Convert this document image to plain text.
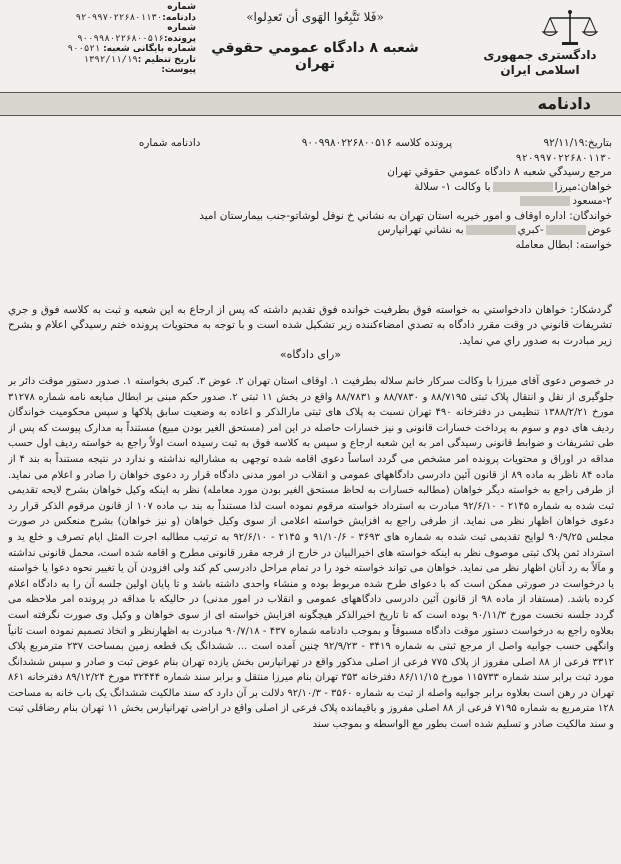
شماره
دادنامه:۹۲۰۹۹۷۰۲۲۶۸۰۱۱۳۰
شماره
پرونده:۹۰۰۹۹۸۰۲۲۶۸۰۰۵۱۶
شماره بایگانی شعبه: ۹۰۰۵۲۱
تاریخ تنظیم :۱۳۹۲/۱۱/۱۹
پیوست:
«فَلا تَتَّبِعُوا الهَوى أن تَعدِلوا»
شعبه ۸ دادگاه عمومي حقوقي تهران
دادگستری جمهوری
اسلامی ایران
دادنامه
بتاريخ:۹۲/۱۱/۱۹ پرونده كلاسه ۹۰۰۹۹۸۰۲۲۶۸۰۰۵۱۶ دادنامه شماره
۹۲۰۹۹۷۰۲۲۶۸۰۱۱۳۰
مرجع رسيدگي شعبه ۸ دادگاه عمومي حقوقي تهران
خواهان:ميرزابا وكالت ۱- سلالة
۲-مسعود
خواندگان: اداره اوقاف و امور خيريه استان تهران به نشاني خ نوفل لوشاتو-جنب بيمارستان اميد
عوض-كبريبه نشاني تهرانپارس
خواسته: ابطال معامله
گردشكار: خواهان دادخواستي به خواسته فوق بطرفيت خوانده فوق تقديم داشته كه پس از ارجاع به اين شعبه و ثبت به كلاسه فوق و جري تشريفات قانوني در وقت مقرر دادگاه به تصدي امضاءكننده زير تشكيل شده است و با توجه به محتويات پرونده ختم رسيدگي اعلام و بشرح زير مبادرت به صدور راي مي نمايد.
«رای دادگاه»

در خصوص دعوی آقای میرزا با وکالت سرکار خانم سلاله بطرفیت ۱. اوقاف استان تهران ۲. عوض ۳. کبری بخواسته ۱. صدور دستور موقت دائر بر جلوگیری از نقل و انتقال پلاک ثبتی ۸۸/۷۱۹۵ و ۸۸/۷۸۳۰ و ۸۸/۷۸۳۱ واقع در بخش ۱۱ ثبتی ۲. صدور حکم مبنی بر ابطال مبایعه نامه شماره ۳۱۲۷۸ مورخ ۱۳۸۸/۲/۲۱ تنظیمی در دفترخانه ۴۹۰ تهران نسبت به پلاک های ثبتی مارالذکر و اعاده به وضعیت سابق پلاکها و سپس محکومیت خواندگان ردیف های دوم و سوم به پرداخت خسارات قانونی و نیز خسارات حاصله در این امر (مستحق الغیر بودن مبیع) مستنداً به مدارک پیوست که پس از طی تشریفات و ضوابط قانونی رسیدگی امر به این شعبه ارجاع و سپس به کلاسه فوق به ثبت رسیده است اولاً راجع به خواسته ردیف اول حسب مداقه در اوراق و محتویات پرونده امر مشخص می گردد اساساً دعوی اقامه شده توجهی به مشارالیه نداشته و ندارد در نتیجه مستنداً به بند ۴ از ماده ۸۴ ناظر به ماده ۸۹ از قانون آئین دادرسی دادگاههای عمومی و انقلاب در امور مدنی دادگاه قرار رد دعوی خواهان را صادر و اعلام می نماید. از طرفی راجع به خواسته دیگر خواهان (مطالبه خسارات به لحاظ مستحق الغیر بودن مورد معامله) نظر به اینکه وکیل خواهان بشرح لایحه تقدیمی ثبت شده به شماره ۲۱۴۵ - ۹۲/۶/۱۰ مبادرت به استرداد خواسته مرقوم نموده است لذا مستنداً به بند ب ماده ۱۰۷ از قانون مرقوم الذکر قرار رد دعوی خواهان اظهار نظر می نماید. از طرفی راجع به افزایش خواسته اعلامی از سوی وکیل خواهان (و نیز خواهان) بشرح منعکس در صورت مجلس ۹۰/۹/۲۵ لوایح تقدیمی ثبت شده به شماره های ۳۶۹۳ - ۹۱/۱۰/۶ و ۲۱۴۵ - ۹۲/۶/۱۰ به ترتیب مطالبه اجرت المثل ایام تصرف و خلع ید و استرداد ثمن پلاک ثبتی موصوف نظر به اینکه خواسته های اخیرالبیان در خارج از فرجه مقرر قانونی مطرح و اقامه شده است، محمل قانونی نداشته و مآلاً به رد آنان اظهار نظر می نماید. خواهان می تواند خواسته خود را در تمام مراحل دادرسی کم کند ولی افزودن آن یا تغییر نحوه دعوا یا خواسته یا درخواست در صورتی ممکن است که با دعوای طرح شده مربوط بوده و منشاء واحدی داشته باشد و تا پایان اولین جلسه آن را به دادگاه اعلام کرده باشد. (مستفاد از ماده ۹۸ از قانون آئین دادرسی دادگاههای عمومی و انقلاب در امور مدنی) در حالیکه با مداقه در پرونده امر ملاحظه می گردد جلسه نخست مورخ ۹۰/۱۱/۳ بوده است که تا تاریخ اخیرالذکر هیچگونه افزایش خواسته ای از سوی خواهان و وکیل وی صورت نگرفته است بعلاوه راجع به درخواست دستور موقت دادگاه مسبوقاً و بموجب دادنامه شماره ۴۳۷ - ۹۰/۷/۱۸ مبادرت به اظهارنظر و اتخاذ تصمیم نموده است ثانیاً وانگهی حسب جوابیه واصل از مرجع ثبتی به شماره ۳۴۱۹ - ۹۲/۹/۲۳ چنین آمده است ... ششدانگ یک قطعه زمین بمساحت ۲۳۷ مترمربع پلاک ۳۳۱۲ فرعی از ۸۸ اصلی مفروز از پلاک ۷۷۵ فرعی از اصلی مذکور واقع در تهرانپارس بخش یازده تهران بنام عوض ثبت و صادر و سپس ششدانگ مورد ثبت برابر سند شماره ۱۱۵۷۳۳ مورخ ۸۶/۱۱/۱۵ دفترخانه ۳۵۳ تهران بنام میرزا منتقل و برابر سند شماره ۳۲۴۴۴ مورخ ۸۹/۱۲/۲۴ دفترخانه ۸۶۱ تهران در رهن است بعلاوه برابر جوابیه واصله از ثبت به شماره ۳۵۶۰ - ۹۲/۱۰/۳ دلالت بر آن دارد که سند مالکیت ششدانگ یک باب خانه به مساحت ۱۲۸ مترمربع به شماره ۷۱۹۵ فرعی از ۸۸ اصلی مفروز و باقیمانده پلاک فرعی از اصلی واقع در اراضی تهرانپارس بخش ۱۱ تهران بنام رضاقلی ثبت و سند مالکیت صادر و تسلیم شده است بطور مع الواسطه و بموجب سند
